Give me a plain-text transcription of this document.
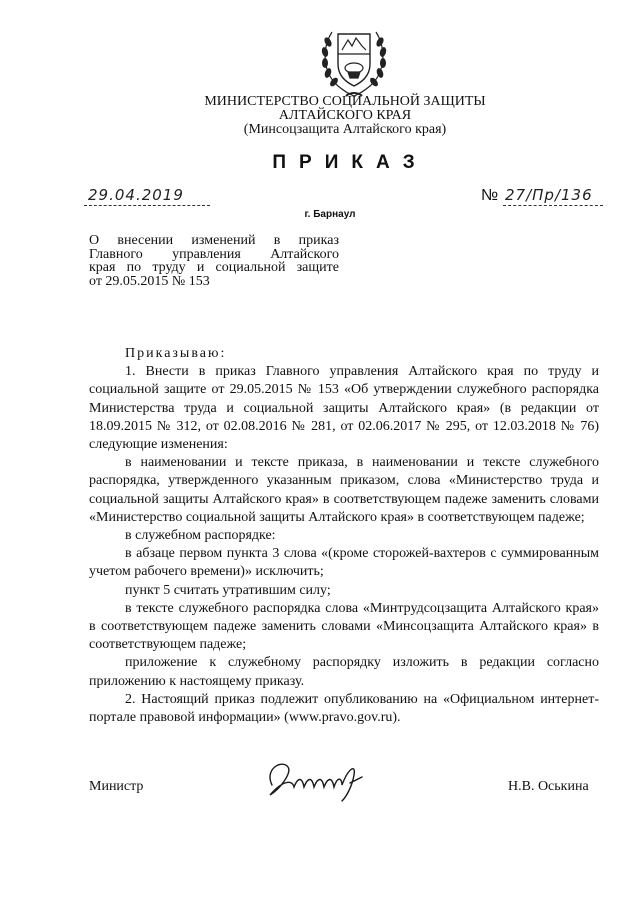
МИНИСТЕРСТВО СОЦИАЛЬНОЙ ЗАЩИТЫ
АЛТАЙСКОГО КРАЯ
(Минсоцзащита Алтайского края)
ПРИКАЗ
29.04.2019	№ 27/Пр/136
г. Барнаул
О внесении изменений в приказ
Главного управления Алтайского
края по труду и социальной защите
от 29.05.2015 № 153

Приказываю:

1. Внести в приказ Главного управления Алтайского края по труду и социальной защите от 29.05.2015 № 153 «Об утверждении служебного распорядка Министерства труда и социальной защиты Алтайского края» (в редакции от 18.09.2015 № 312, от 02.08.2016 № 281, от 02.06.2017 № 295, от 12.03.2018 № 76) следующие изменения:

в наименовании и тексте приказа, в наименовании и тексте служебного распорядка, утвержденного указанным приказом, слова «Министерство труда и социальной защиты Алтайского края» в соответствующем падеже заменить словами «Министерство социальной защиты Алтайского края» в соответствующем падеже;

в служебном распорядке:

в абзаце первом пункта 3 слова «(кроме сторожей-вахтеров с суммированным учетом рабочего времени)» исключить;

пункт 5 считать утратившим силу;

в тексте служебного распорядка слова «Минтрудсоцзащита Алтайского края» в соответствующем падеже заменить словами «Минсоцзащита Алтайского края» в соответствующем падеже;

приложение к служебному распорядку изложить в редакции согласно приложению к настоящему приказу.

2. Настоящий приказ подлежит опубликованию на «Официальном интернет-портале правовой информации» (www.pravo.gov.ru).

Министр	Н.В. Оськина
